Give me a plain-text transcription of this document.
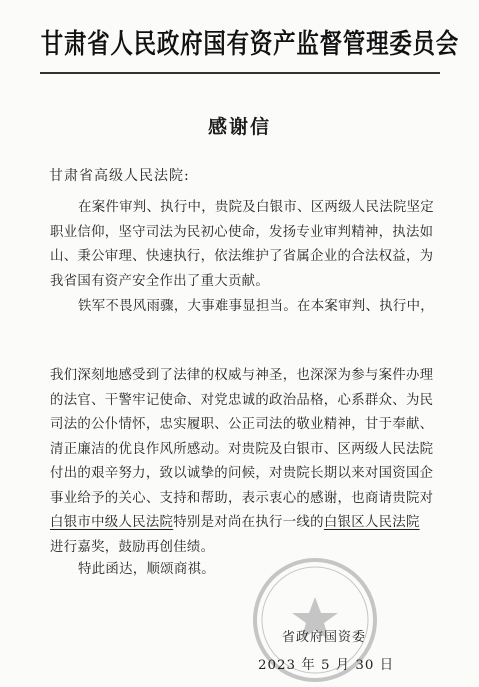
甘肃省人民政府国有资产监督管理委员会
感谢信
甘肃省高级人民法院:

在案件审判、执行中，贵院及白银市、区两级人民法院坚定
职业信仰，坚守司法为民初心使命，发扬专业审判精神，执法如
山、秉公审理、快速执行，依法维护了省属企业的合法权益，为
我省国有资产安全作出了重大贡献。

铁军不畏风雨骤，大事难事显担当。在本案审判、执行中，

我们深刻地感受到了法律的权威与神圣，也深深为参与案件办理
的法官、干警牢记使命、对党忠诚的政治品格，心系群众、为民
司法的公仆情怀，忠实履职、公正司法的敬业精神，甘于奉献、
清正廉洁的优良作风所感动。对贵院及白银市、区两级人民法院
付出的艰辛努力，致以诚挚的问候，对贵院长期以来对国资国企
事业给予的关心、支持和帮助，表示衷心的感谢，也商请贵院对
白银市中级人民法院特别是对尚在执行一线的白银区人民法院
进行嘉奖，鼓励再创佳绩。

特此函达，顺颂商祺。
省政府国资委
2023 年 5 月 30 日
